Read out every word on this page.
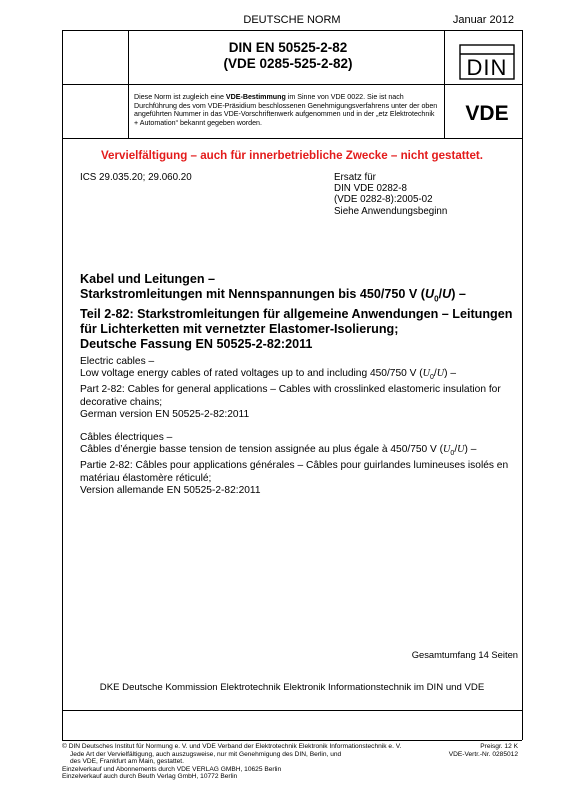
DEUTSCHE NORM	Januar 2012
DIN EN 50525-2-82
(VDE 0285-525-2-82)	DIN
VDE
Diese Norm ist zugleich eine VDE-Bestimmung im Sinne von VDE 0022. Sie ist nach Durchführung des vom VDE-Präsidium beschlossenen Genehmigungsverfahrens unter der oben angeführten Nummer in das VDE-Vorschriftenwerk aufgenommen und in der „etz Elektrotechnik + Automation“ bekannt gegeben worden.
Vervielfältigung – auch für innerbetriebliche Zwecke – nicht gestattet.
ICS 29.035.20; 29.060.20	Ersatz für
DIN VDE 0282-8
(VDE 0282-8):2005-02
Siehe Anwendungsbeginn

Kabel und Leitungen –

Starkstromleitungen mit Nennspannungen bis 450/750 V $(U_0/U)$ –

Teil 2-82: Starkstromleitungen für allgemeine Anwendungen – Leitungen für Lichterketten mit vernetzter Elastomer-Isolierung;

Deutsche Fassung EN 50525-2-82:2011

Electric cables –

Low voltage energy cables of rated voltages up to and including 450/750 V $(U_0/U)$ –

Part 2-82: Cables for general applications – Cables with crosslinked elastomeric insulation for decorative chains;

German version EN 50525-2-82:2011

Câbles électriques –

Câbles d’énergie basse tension de tension assignée au plus égale à 450/750 V $(U_0/U)$ –

Partie 2-82: Câbles pour applications générales – Câbles pour guirlandes lumineuses isolés en matériau élastomère réticulé;

Version allemande EN 50525-2-82:2011

Gesamtumfang 14 Seiten
DKE Deutsche Kommission Elektrotechnik Elektronik Informationstechnik im DIN und VDE

© DIN Deutsches Institut für Normung e. V. und VDE Verband der Elektrotechnik Elektronik Informationstechnik e. V.

Jede Art der Vervielfältigung, auch auszugsweise, nur mit Genehmigung des DIN, Berlin, und

des VDE, Frankfurt am Main, gestattet.

Einzelverkauf und Abonnements durch VDE VERLAG GMBH, 10625 Berlin

Einzelverkauf auch durch Beuth Verlag GmbH, 10772 Berlin

Preisgr. 12 K

VDE-Vertr.-Nr. 0285012
